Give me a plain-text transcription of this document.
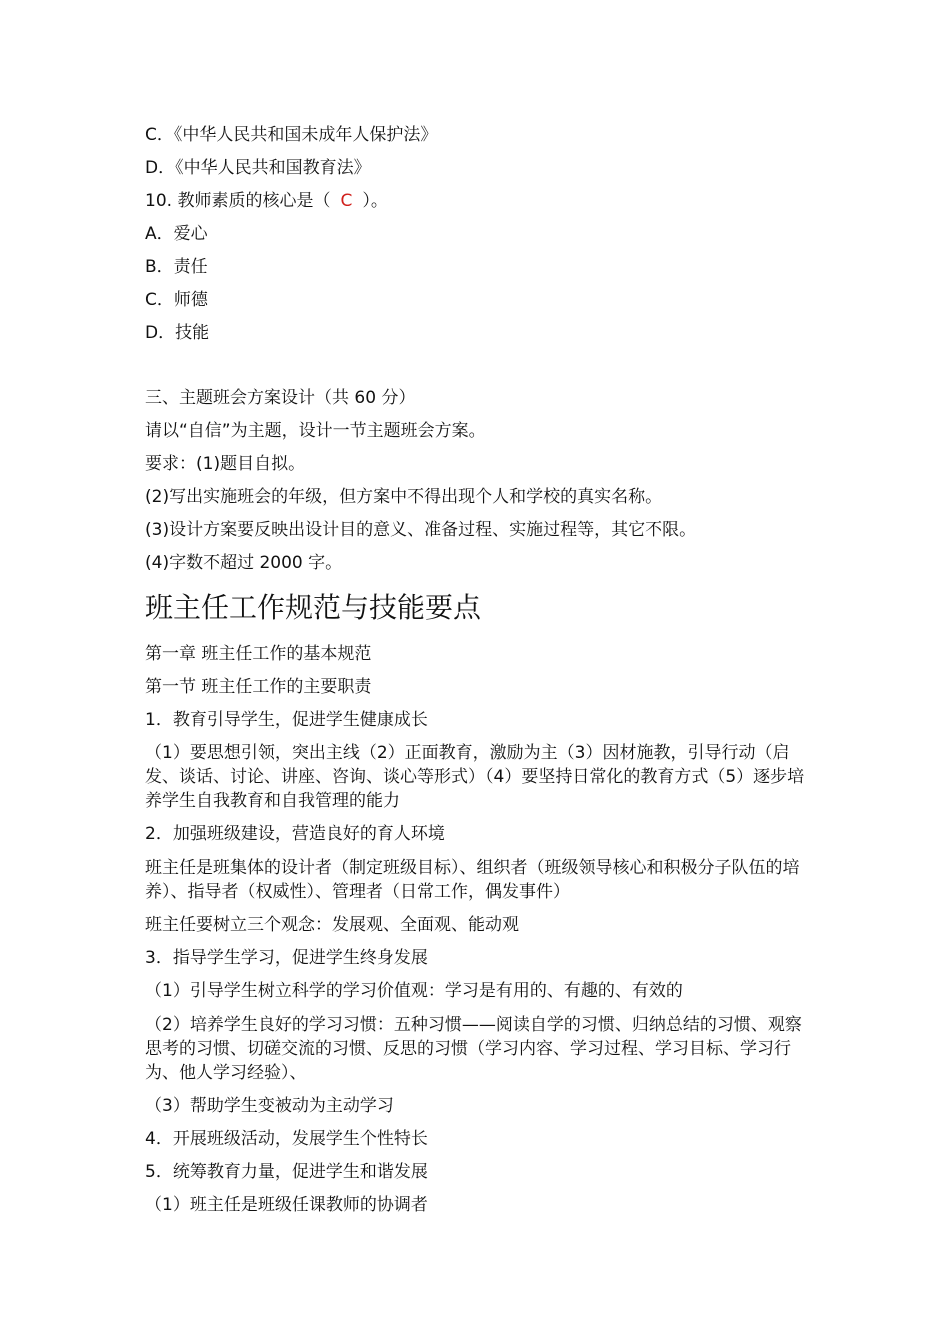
C．《中华人民共和国未成年人保护法》
D．《中华人民共和国教育法》
10. 教师素质的核心是（ C ）。
A．爱心
B．责任
C．师德
D．技能
三、主题班会方案设计（共 60 分）
请以“自信”为主题，设计一节主题班会方案。
要求：(1)题目自拟。
(2)写出实施班会的年级，但方案中不得出现个人和学校的真实名称。
(3)设计方案要反映出设计目的意义、准备过程、实施过程等，其它不限。
(4)字数不超过 2000 字。
班主任工作规范与技能要点
第一章 班主任工作的基本规范
第一节 班主任工作的主要职责
1．教育引导学生，促进学生健康成长
（1）要思想引领，突出主线（2）正面教育，激励为主（3）因材施教，引导行动（启发、谈话、讨论、讲座、咨询、谈心等形式）（4）要坚持日常化的教育方式（5）逐步培养学生自我教育和自我管理的能力
2．加强班级建设，营造良好的育人环境
班主任是班集体的设计者（制定班级目标）、组织者（班级领导核心和积极分子队伍的培养）、指导者（权威性）、管理者（日常工作，偶发事件）
班主任要树立三个观念：发展观、全面观、能动观
3．指导学生学习，促进学生终身发展
（1）引导学生树立科学的学习价值观：学习是有用的、有趣的、有效的
（2）培养学生良好的学习习惯：五种习惯——阅读自学的习惯、归纳总结的习惯、观察思考的习惯、切磋交流的习惯、反思的习惯（学习内容、学习过程、学习目标、学习行为、他人学习经验）、
（3）帮助学生变被动为主动学习
4．开展班级活动，发展学生个性特长
5．统筹教育力量，促进学生和谐发展
（1）班主任是班级任课教师的协调者
